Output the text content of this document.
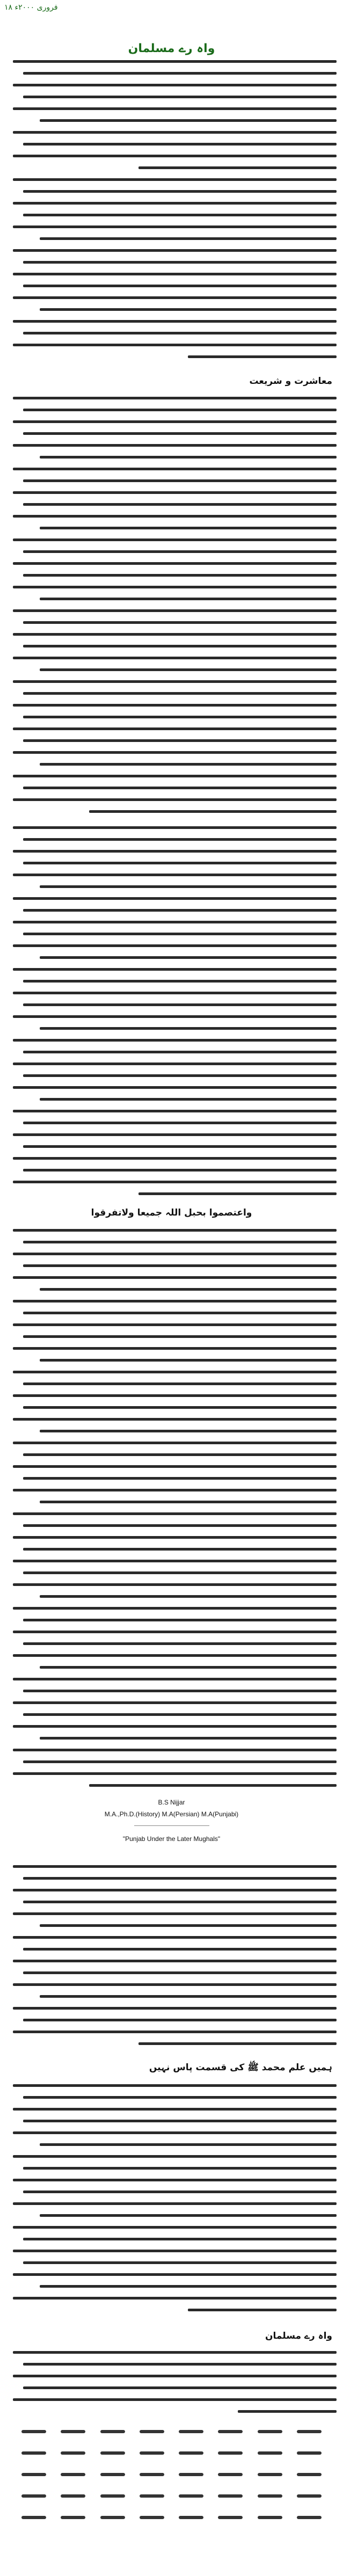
۱۸ فروری ۲۰۰۰ء
واہ رے مسلمان
معاشرت و شریعت
واعتصموا بحبل اللہ جمیعا ولاتفرقوا
B.S Nijjar
M.A.,Ph.D.(History) M.A(Persian) M.A(Punjabi)
"Punjab Under the Later Mughals"
ہمیں علم محمد ﷺ کی قسمت پاس نہیں
واہ رے مسلمان
